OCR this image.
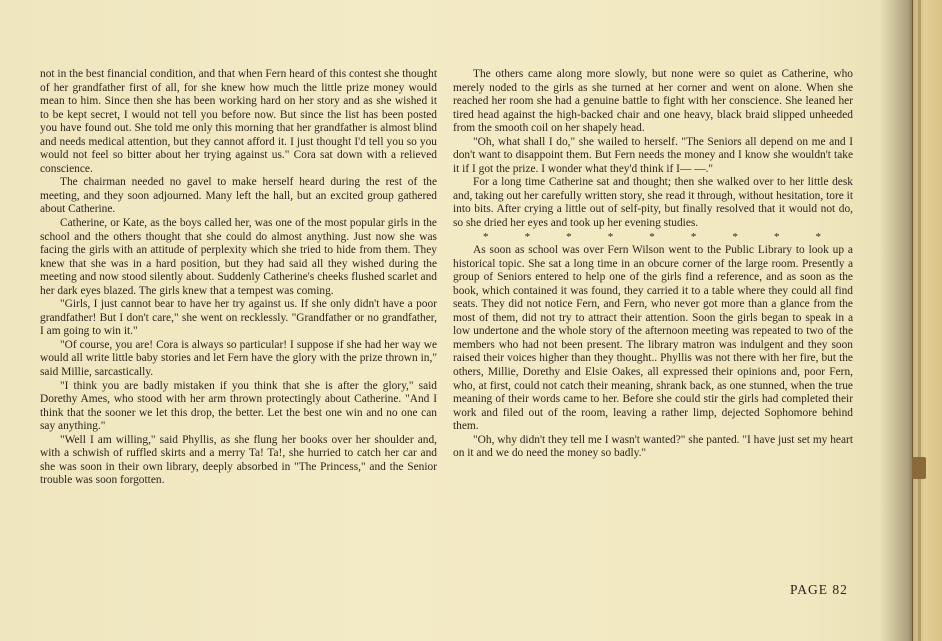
not in the best financial condition, and that when Fern heard of this contest she thought of her grandfather first of all, for she knew how much the little prize money would mean to him. Since then she has been working hard on her story and as she wished it to be kept secret, I would not tell you before now. But since the list has been posted you have found out. She told me only this morning that her grandfather is almost blind and needs medical attention, but they cannot afford it. I just thought I'd tell you so you would not feel so bitter about her trying against us." Cora sat down with a relieved conscience.

The chairman needed no gavel to make herself heard during the rest of the meeting, and they soon adjourned. Many left the hall, but an excited group gathered about Catherine.

Catherine, or Kate, as the boys called her, was one of the most popular girls in the school and the others thought that she could do almost anything. Just now she was facing the girls with an attitude of perplexity which she tried to hide from them. They knew that she was in a hard position, but they had said all they wished during the meeting and now stood silently about. Suddenly Catherine's cheeks flushed scarlet and her dark eyes blazed. The girls knew that a tempest was coming.

"Girls, I just cannot bear to have her try against us. If she only didn't have a poor grandfather! But I don't care," she went on recklessly. "Grandfather or no grandfather, I am going to win it."

"Of course, you are! Cora is always so particular! I suppose if she had her way we would all write little baby stories and let Fern have the glory with the prize thrown in," said Millie, sarcastically.

"I think you are badly mistaken if you think that she is after the glory," said Dorethy Ames, who stood with her arm thrown protectingly about Catherine. "And I think that the sooner we let this drop, the better. Let the best one win and no one can say anything."

"Well I am willing," said Phyllis, as she flung her books over her shoulder and, with a schwish of ruffled skirts and a merry Ta! Ta!, she hurried to catch her car and she was soon in their own library, deeply absorbed in "The Princess," and the Senior trouble was soon forgotten.

The others came along more slowly, but none were so quiet as Catherine, who merely noded to the girls as she turned at her corner and went on alone. When she reached her room she had a genuine battle to fight with her conscience. She leaned her tired head against the high-backed chair and one heavy, black braid slipped unheeded from the smooth coil on her shapely head.

"Oh, what shall I do," she wailed to herself. "The Seniors all depend on me and I don't want to disappoint them. But Fern needs the money and I know she wouldn't take it if I got the prize. I wonder what they'd think if I— —."

For a long time Catherine sat and thought; then she walked over to her little desk and, taking out her carefully written story, she read it through, without hesitation, tore it into bits. After crying a little out of self-pity, but finally resolved that it would not do, so she dried her eyes and took up her evening studies.

*	*	*	*	*	*	*	*	*

As soon as school was over Fern Wilson went to the Public Library to look up a historical topic. She sat a long time in an obcure corner of the large room. Presently a group of Seniors entered to help one of the girls find a reference, and as soon as the book, which contained it was found, they carried it to a table where they could all find seats. They did not notice Fern, and Fern, who never got more than a glance from the most of them, did not try to attract their attention. Soon the girls began to speak in a low undertone and the whole story of the afternoon meeting was repeated to two of the members who had not been present. The library matron was indulgent and they soon raised their voices higher than they thought.. Phyllis was not there with her fire, but the others, Millie, Dorethy and Elsie Oakes, all expressed their opinions and, poor Fern, who, at first, could not catch their meaning, shrank back, as one stunned, when the true meaning of their words came to her. Before she could stir the girls had completed their work and filed out of the room, leaving a rather limp, dejected Sophomore behind them.

"Oh, why didn't they tell me I wasn't wanted?" she panted. "I have just set my heart on it and we do need the money so badly."

PAGE 82
